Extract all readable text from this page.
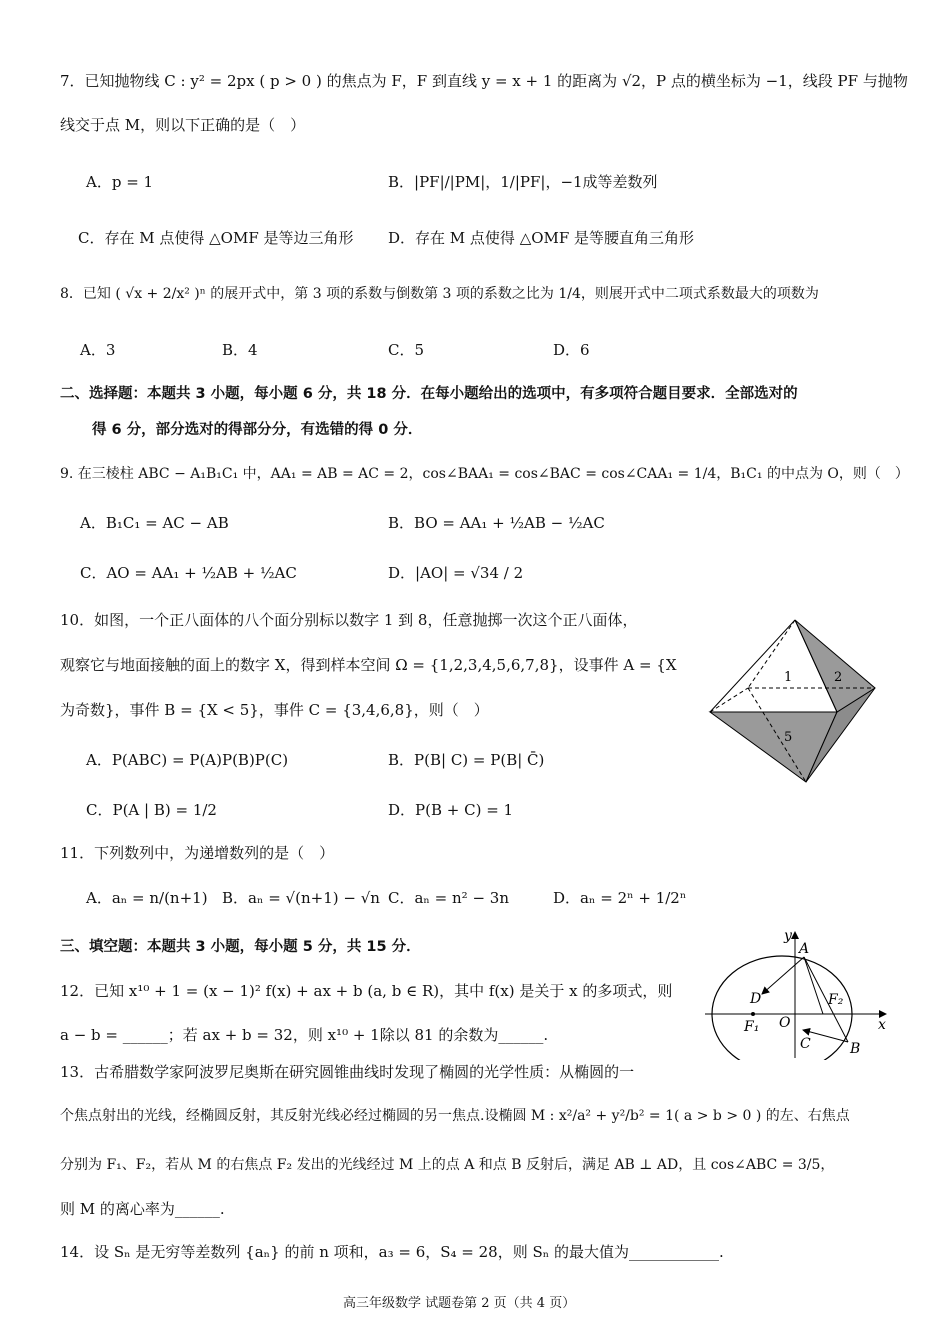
7．已知抛物线 C : y² = 2px ( p > 0 ) 的焦点为 F，F 到直线 y = x + 1 的距离为 √2，P 点的横坐标为 −1，线段 PF 与抛物
线交于点 M，则以下正确的是（　）
A．p = 1	B．|PF|/|PM|，1/|PF|，−1成等差数列
C．存在 M 点使得 △OMF 是等边三角形 D．存在 M 点使得 △OMF 是等腰直角三角形
8．已知 ( √x + 2/x² )ⁿ 的展开式中，第 3 项的系数与倒数第 3 项的系数之比为 1/4，则展开式中二项式系数最大的项数为
A．3	B．4	C．5	D．6
二、选择题：本题共 3 小题，每小题 6 分，共 18 分．在每小题给出的选项中，有多项符合题目要求．全部选对的
得 6 分，部分选对的得部分分，有选错的得 0 分．
9. 在三棱柱 ABC − A₁B₁C₁ 中，AA₁ = AB = AC = 2，cos∠BAA₁ = cos∠BAC = cos∠CAA₁ = 1/4，B₁C₁ 的中点为 O，则（　）
A．B₁C₁ = AC − AB	B．BO = AA₁ + ½AB − ½AC
C．AO = AA₁ + ½AB + ½AC	D．|AO| = √34 / 2
10．如图，一个正八面体的八个面分别标以数字 1 到 8，任意抛掷一次这个正八面体，
观察它与地面接触的面上的数字 X，得到样本空间 Ω = {1,2,3,4,5,6,7,8}，设事件 A = {X
为奇数}，事件 B = {X < 5}，事件 C = {3,4,6,8}，则（　）
A．P(ABC) = P(A)P(B)P(C)	B．P(B| C) = P(B| C̄)
C．P(A | B) = 1/2	D．P(B + C) = 1
1	2
5
11．下列数列中，为递增数列的是（　）
A．aₙ = n/(n+1) B．aₙ = √(n+1) − √n C．aₙ = n² − 3n	D．aₙ = 2ⁿ + 1/2ⁿ
三、填空题：本题共 3 小题，每小题 5 分，共 15 分．
12．已知 x¹⁰ + 1 = (x − 1)² f(x) + ax + b (a, b ∈ R)，其中 f(x) 是关于 x 的多项式，则
a − b = ______；若 ax + b = 32，则 x¹⁰ + 1除以 81 的余数为______.
13．古希腊数学家阿波罗尼奥斯在研究圆锥曲线时发现了椭圆的光学性质：从椭圆的一
个焦点射出的光线，经椭圆反射，其反射光线必经过椭圆的另一焦点.设椭圆 M : x²/a² + y²/b² = 1( a > b > 0 ) 的左、右焦点
分别为 F₁、F₂，若从 M 的右焦点 F₂ 发出的光线经过 M 上的点 A 和点 B 反射后，满足 AB ⊥ AD，且 cos∠ABC = 3/5，
则 M 的离心率为______.
y
A
D	F₂
F₁ O	x
C	B
14．设 Sₙ 是无穷等差数列 {aₙ} 的前 n 项和，a₃ = 6，S₄ = 28，则 Sₙ 的最大值为____________.
高三年级数学 试题卷第 2 页（共 4 页）
